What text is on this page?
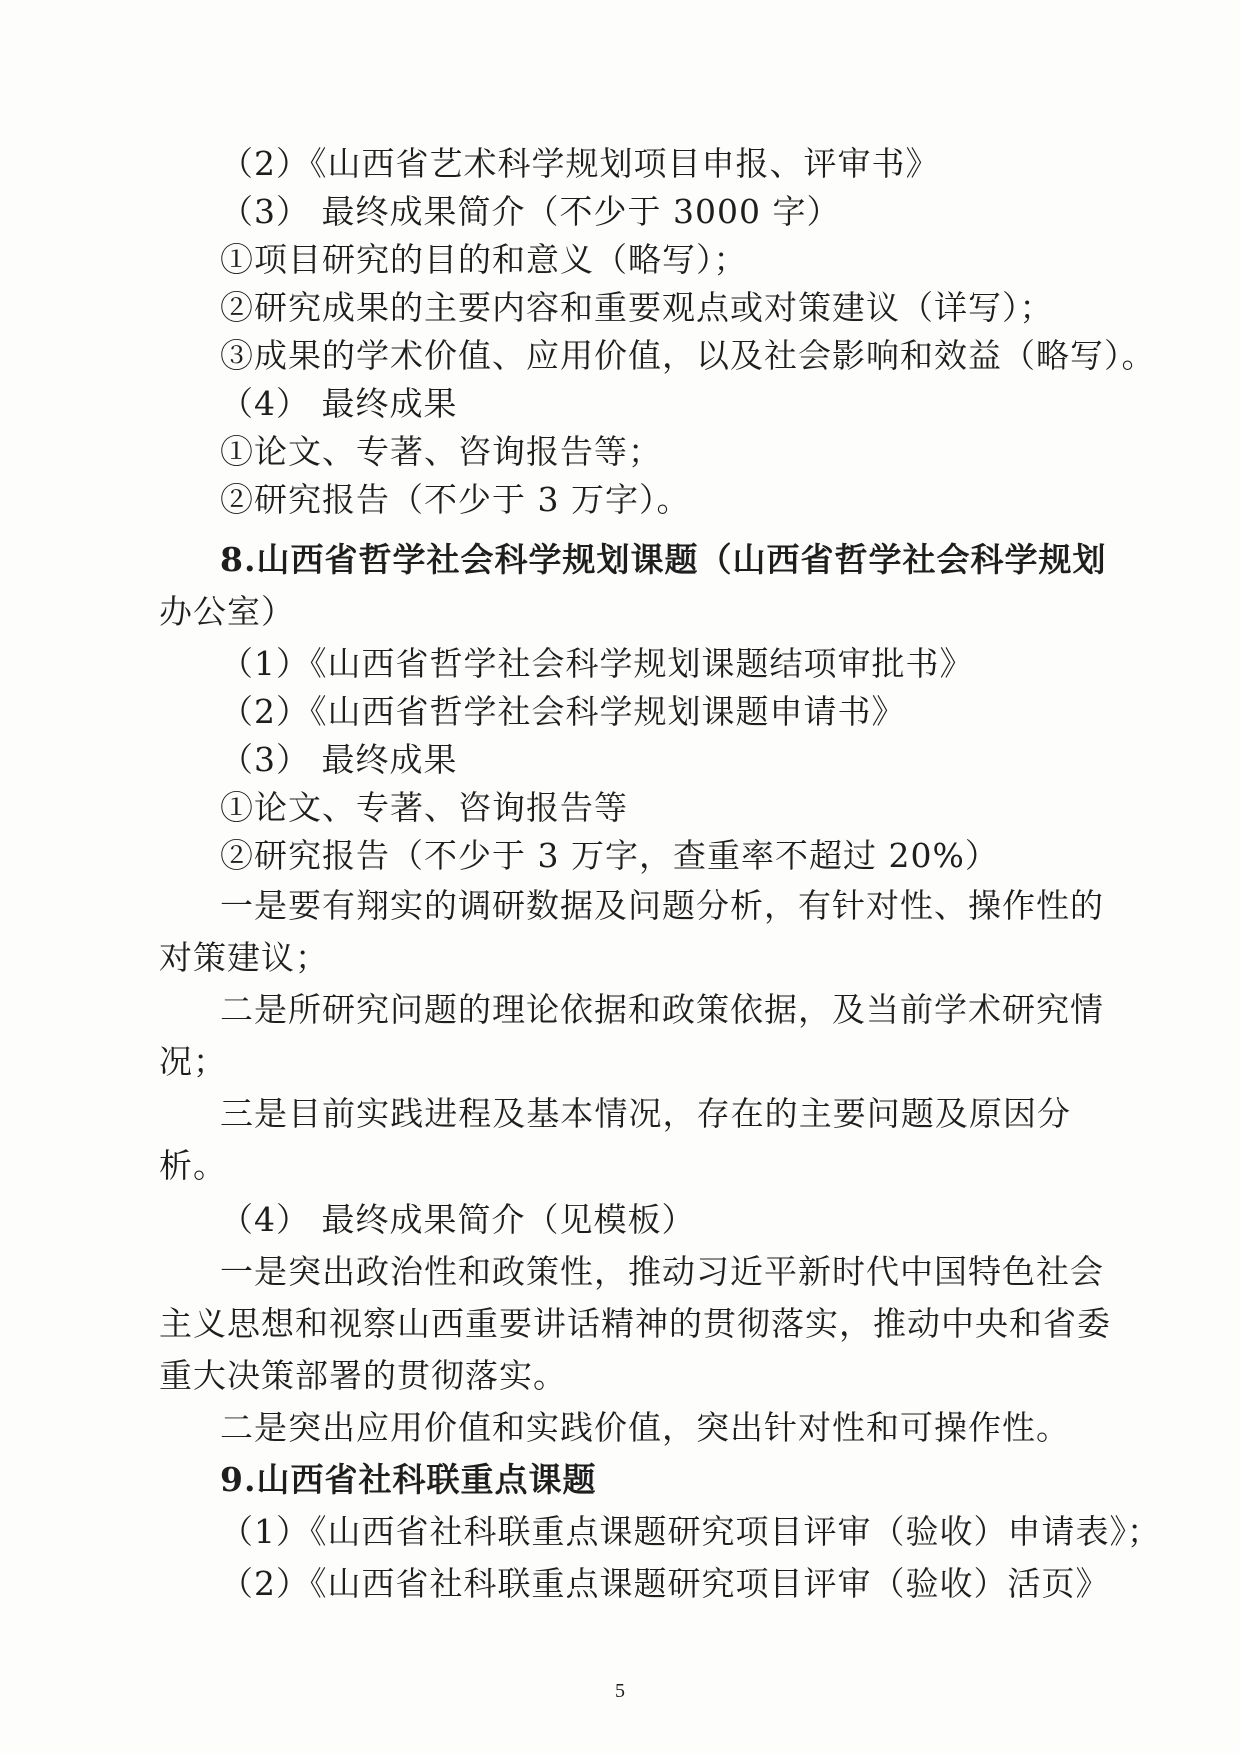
（2）《山西省艺术科学规划项目申报、评审书》
（3） 最终成果简介（不少于 3000 字）
①项目研究的目的和意义（略写）；
②研究成果的主要内容和重要观点或对策建议（详写）；
③成果的学术价值、应用价值，以及社会影响和效益（略写）。
（4） 最终成果
①论文、专著、咨询报告等；
②研究报告（不少于 3 万字）。
8.山西省哲学社会科学规划课题（山西省哲学社会科学规划
办公室）
（1）《山西省哲学社会科学规划课题结项审批书》
（2）《山西省哲学社会科学规划课题申请书》
（3） 最终成果
①论文、专著、咨询报告等
②研究报告（不少于 3 万字，查重率不超过 20%）
一是要有翔实的调研数据及问题分析，有针对性、操作性的
对策建议；
二是所研究问题的理论依据和政策依据，及当前学术研究情
况；
三是目前实践进程及基本情况，存在的主要问题及原因分
析。
（4） 最终成果简介（见模板）
一是突出政治性和政策性，推动习近平新时代中国特色社会
主义思想和视察山西重要讲话精神的贯彻落实，推动中央和省委
重大决策部署的贯彻落实。
二是突出应用价值和实践价值，突出针对性和可操作性。
9.山西省社科联重点课题
（1）《山西省社科联重点课题研究项目评审（验收）申请表》；
（2）《山西省社科联重点课题研究项目评审（验收）活页》
5
